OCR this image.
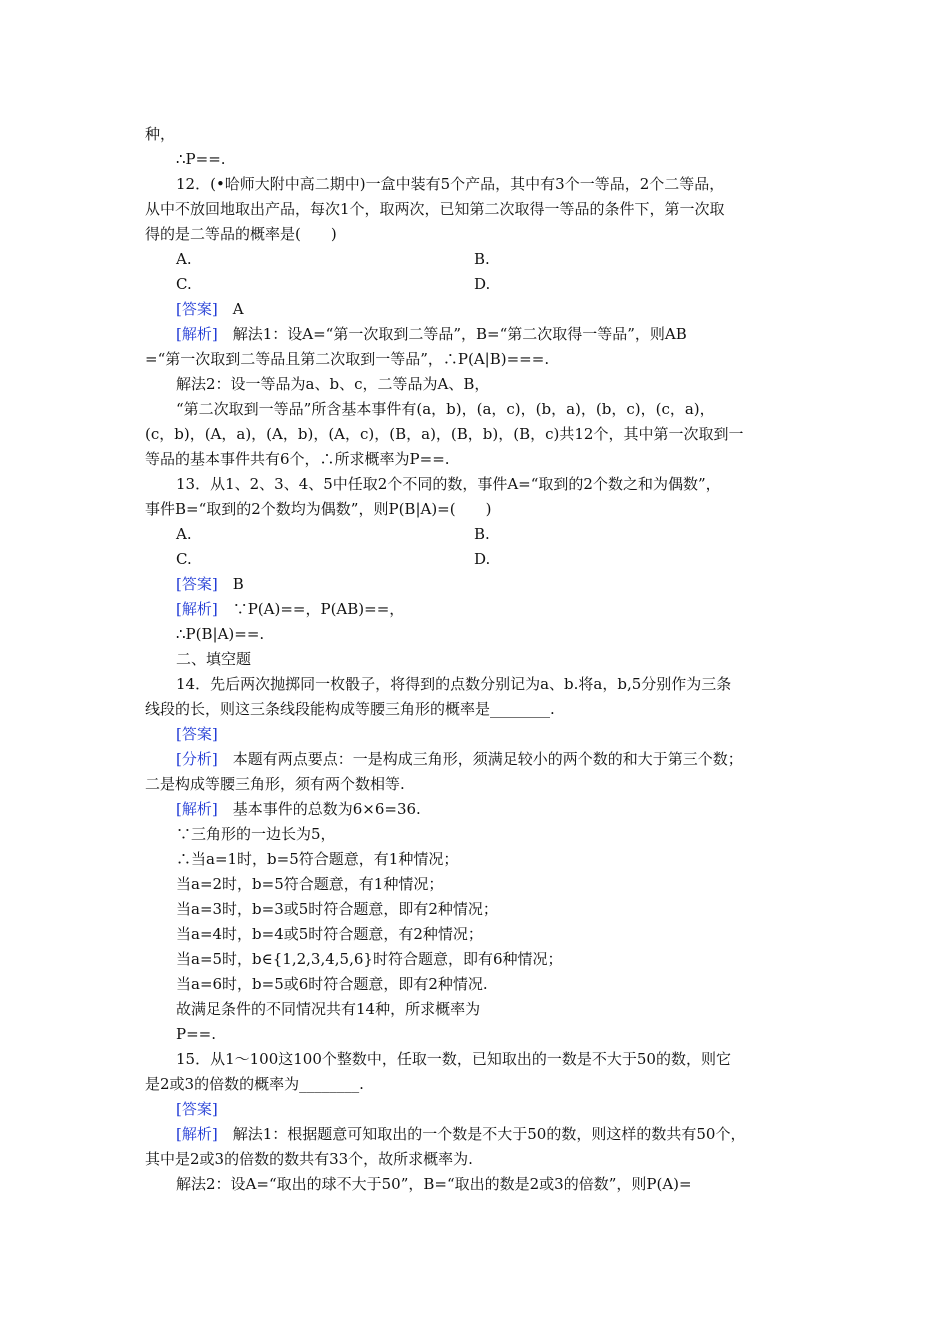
种，
∴P==.
12．(•哈师大附中高二期中)一盒中装有5个产品，其中有3个一等品，2个二等品，
从中不放回地取出产品，每次1个，取两次，已知第二次取得一等品的条件下，第一次取
得的是二等品的概率是(　　)
A.	B.
C.	D.
[答案]　A
[解析]　解法1：设A=“第一次取到二等品”，B=“第二次取得一等品”，则AB
=“第一次取到二等品且第二次取到一等品”，∴P(A|B)===.
解法2：设一等品为a、b、c，二等品为A、B，
“第二次取到一等品”所含基本事件有(a，b)，(a，c)，(b，a)，(b，c)，(c，a)，
(c，b)，(A，a)，(A，b)，(A，c)，(B，a)，(B，b)，(B，c)共12个，其中第一次取到一
等品的基本事件共有6个，∴所求概率为P==.
13．从1、2、3、4、5中任取2个不同的数，事件A=“取到的2个数之和为偶数”，
事件B=“取到的2个数均为偶数”，则P(B|A)=(　　)
A.	B.
C.	D.
[答案]　B
[解析]　∵P(A)==，P(AB)==，
∴P(B|A)==.
二、填空题
14．先后两次抛掷同一枚骰子，将得到的点数分别记为a、b.将a，b,5分别作为三条
线段的长，则这三条线段能构成等腰三角形的概率是________.
[答案]
[分析]　本题有两点要点：一是构成三角形，须满足较小的两个数的和大于第三个数；
二是构成等腰三角形，须有两个数相等.
[解析]　基本事件的总数为6×6=36.
∵三角形的一边长为5，
∴当a=1时，b=5符合题意，有1种情况；
当a=2时，b=5符合题意，有1种情况；
当a=3时，b=3或5时符合题意，即有2种情况；
当a=4时，b=4或5时符合题意，有2种情况；
当a=5时，b∈{1,2,3,4,5,6}时符合题意，即有6种情况；
当a=6时，b=5或6时符合题意，即有2种情况.
故满足条件的不同情况共有14种，所求概率为
P==.
15．从1～100这100个整数中，任取一数，已知取出的一数是不大于50的数，则它
是2或3的倍数的概率为________.
[答案]
[解析]　解法1：根据题意可知取出的一个数是不大于50的数，则这样的数共有50个，
其中是2或3的倍数的数共有33个，故所求概率为.
解法2：设A=“取出的球不大于50”，B=“取出的数是2或3的倍数”，则P(A)=
